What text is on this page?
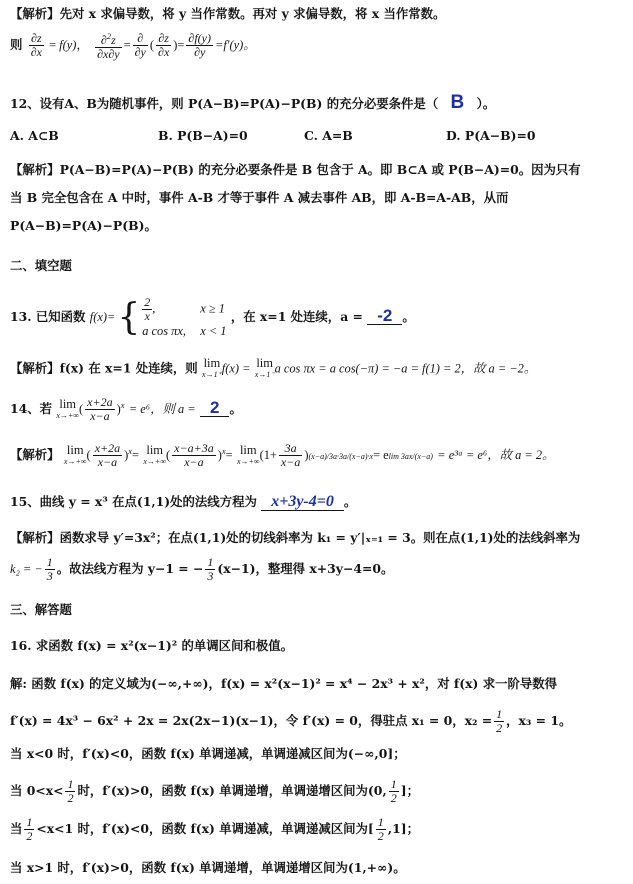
【解析】先对 x 求偏导数，将 y 当作常数。再对 y 求偏导数，将 x 当作常数。
则 $\frac{\partial z}{\partial x} = f(y)$， $\frac{\partial^2z}{\partial x\partial y} = \frac{\partial}{\partial y}$ ( $\frac{\partial z}{\partial x}$ )= $\frac{\partial f(y)}{\partial y} =f'(y)$。
12、设有A、B为随机事件，则 P(A−B)=P(A)−P(B) 的充分必要条件是（ B ）。
A. A⊂B	B. P(B−A)=0	C. A=B	D. P(A−B)=0
【解析】P(A−B)=P(A)−P(B) 的充分必要条件是 B 包含于 A。即 B⊂A 或 P(B−A)=0。因为只有
当 B 完全包含在 A 中时，事件 A-B 才等于事件 A 减去事件 AB，即 A-B=A-AB，从而
P(A−B)=P(A)−P(B)。
二、填空题
13. 已知函数 $f(x)=\{ \frac{2}{x}$ ,	x ≥ 1
a cos πx, x < 1
，在 x=1 处连续，a = -2 。
【解析】f(x) 在 x=1 处连续，则 lim
x→1⁺ f(x) = lim
x→1⁻ a cos πx = a cos(−π) = −a = f(1) = 2，故 a = −2。
14、若 lim
x→+∞ ( $\frac{x+2a}{x-a} )^x = e^6$，则 a = 2 。
【解析】 lim
x→+∞ ( $\frac{x+2a}{x-a} )^x= \lim$
x→+∞ ( $\frac{x-a+3a}{x-a} )^x= \lim$
x→+∞ $(1+ \frac{3a}{x-a} )(x-a)/3a\cdot 3a/(x-a)\cdot x= elim$ 3ax/(x−a) = e³ᵃ = e⁶，故 a = 2。
15、曲线 y = x³ 在点(1,1)处的法线方程为 x+3y-4=0 。
【解析】函数求导 y′=3x²；在点(1,1)处的切线斜率为 k₁ = y′|ₓ₌₁ = 3。则在点(1,1)处的法线斜率为
k₂ = − $\frac{1}{3}$ 。故法线方程为 y−1 = − $\frac{1}{3} (x-1)$，整理得 x+3y−4=0。
三、解答题
16. 求函数 f(x) = x²(x−1)² 的单调区间和极值。
解: 函数 f(x) 的定义域为(−∞,+∞)，f(x) = x²(x−1)² = x⁴ − 2x³ + x²，对 f(x) 求一阶导数得
f′(x) = 4x³ − 6x² + 2x = 2x(2x−1)(x−1)，令 f′(x) = 0，得驻点 x₁ = 0，$x_2 = \frac{1}{2}$ ，x₃ = 1。
当 x<0 时，f′(x)<0，函数 f(x) 单调递减，单调递减区间为(−∞,0]；
当 $0<x< \frac{1}{2}$ 时，f′(x)>0，函数 f(x) 单调递增，单调递增区间为(0, $\frac{1}{2}$ ]；
当 $\frac{1}{2} <x<1$ 时，f′(x)<0，函数 f(x) 单调递减，单调递减区间为[ $\frac{1}{2} ,1$]；
当 x>1 时，f′(x)>0，函数 f(x) 单调递增，单调递增区间为(1,+∞)。
